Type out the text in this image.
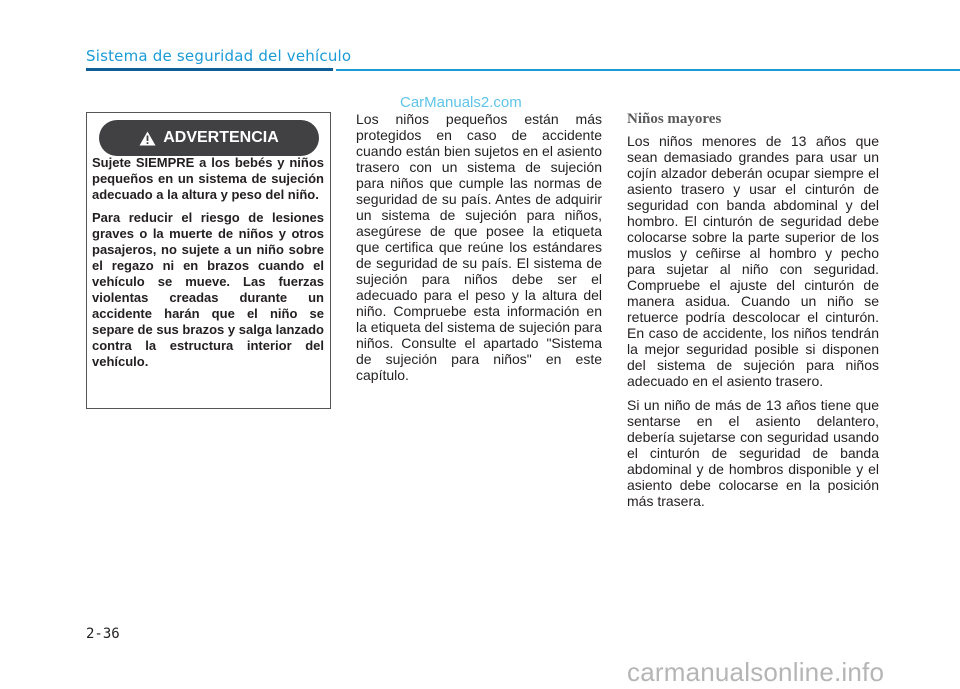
Sistema de seguridad del vehículo
CarManuals2.com
ADVERTENCIA

Sujete SIEMPRE a los bebés y niños pequeños en un sistema de sujeción adecuado a la altura y peso del niño.

Para reducir el riesgo de lesiones graves o la muerte de niños y otros pasajeros, no sujete a un niño sobre el regazo ni en brazos cuando el vehículo se mueve. Las fuerzas violentas creadas durante un accidente harán que el niño se separe de sus brazos y salga lanzado contra la estructura interior del vehículo.

Los niños pequeños están más protegidos en caso de accidente cuando están bien sujetos en el asiento trasero con un sistema de sujeción para niños que cumple las normas de seguridad de su país. Antes de adquirir un sistema de sujeción para niños, asegúrese de que posee la etiqueta que certifica que reúne los estándares de seguridad de su país. El sistema de sujeción para niños debe ser el adecuado para el peso y la altura del niño. Compruebe esta información en la etiqueta del sistema de sujeción para niños. Consulte el apartado "Sistema de sujeción para niños" en este capítulo.

Niños mayores

Los niños menores de 13 años que sean demasiado grandes para usar un cojín alzador deberán ocupar siempre el asiento trasero y usar el cinturón de seguridad con banda abdominal y del hombro. El cinturón de seguridad debe colocarse sobre la parte superior de los muslos y ceñirse al hombro y pecho para sujetar al niño con seguridad. Compruebe el ajuste del cinturón de manera asidua. Cuando un niño se retuerce podría descolocar el cinturón. En caso de accidente, los niños tendrán la mejor seguridad posible si disponen del sistema de sujeción para niños adecuado en el asiento trasero.

Si un niño de más de 13 años tiene que sentarse en el asiento delantero, debería sujetarse con seguridad usando el cinturón de seguridad de banda abdominal y de hombros disponible y el asiento debe colocarse en la posición más trasera.

2-36
carmanualsonline.info
